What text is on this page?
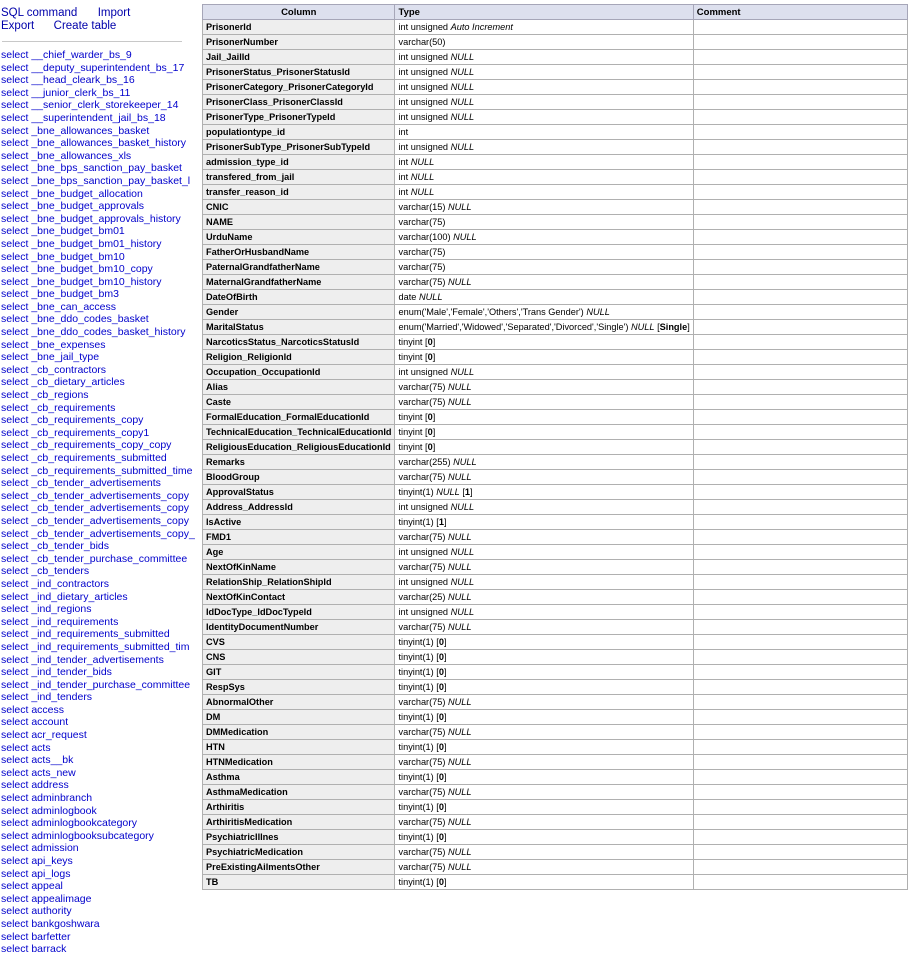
SQL command Import
Export Create table
select __chief_warder_bs_9
select __deputy_superintendent_bs_17
select __head_cleark_bs_16
select __junior_clerk_bs_11
select __senior_clerk_storekeeper_14
select __superintendent_jail_bs_18
select _bne_allowances_basket
select _bne_allowances_basket_history
select _bne_allowances_xls
select _bne_bps_sanction_pay_basket
select _bne_bps_sanction_pay_basket_l
select _bne_budget_allocation
select _bne_budget_approvals
select _bne_budget_approvals_history
select _bne_budget_bm01
select _bne_budget_bm01_history
select _bne_budget_bm10
select _bne_budget_bm10_copy
select _bne_budget_bm10_history
select _bne_budget_bm3
select _bne_can_access
select _bne_ddo_codes_basket
select _bne_ddo_codes_basket_history
select _bne_expenses
select _bne_jail_type
select _cb_contractors
select _cb_dietary_articles
select _cb_regions
select _cb_requirements
select _cb_requirements_copy
select _cb_requirements_copy1
select _cb_requirements_copy_copy
select _cb_requirements_submitted
select _cb_requirements_submitted_time
select _cb_tender_advertisements
select _cb_tender_advertisements_copy
select _cb_tender_advertisements_copy
select _cb_tender_advertisements_copy
select _cb_tender_advertisements_copy_
select _cb_tender_bids
select _cb_tender_purchase_committee
select _cb_tenders
select _ind_contractors
select _ind_dietary_articles
select _ind_regions
select _ind_requirements
select _ind_requirements_submitted
select _ind_requirements_submitted_tim
select _ind_tender_advertisements
select _ind_tender_bids
select _ind_tender_purchase_committee
select _ind_tenders
select access
select account
select acr_request
select acts
select acts__bk
select acts_new
select address
select adminbranch
select adminlogbook
select adminlogbookcategory
select adminlogbooksubcategory
select admission
select api_keys
select api_logs
select appeal
select appealimage
select authority
select bankgoshwara
select barfetter
select barrack
Column	Type	Comment
PrisonerId	int unsigned Auto Increment	
PrisonerNumber	varchar(50)	
Jail_JailId	int unsigned NULL	
PrisonerStatus_PrisonerStatusId	int unsigned NULL	
PrisonerCategory_PrisonerCategoryId	int unsigned NULL	
PrisonerClass_PrisonerClassId	int unsigned NULL	
PrisonerType_PrisonerTypeId	int unsigned NULL	
populationtype_id	int	
PrisonerSubType_PrisonerSubTypeId	int unsigned NULL	
admission_type_id	int NULL	
transfered_from_jail	int NULL	
transfer_reason_id	int NULL	
CNIC	varchar(15) NULL	
NAME	varchar(75)	
UrduName	varchar(100) NULL	
FatherOrHusbandName	varchar(75)	
PaternalGrandfatherName	varchar(75)	
MaternalGrandfatherName	varchar(75) NULL	
DateOfBirth	date NULL	
Gender	enum('Male','Female','Others','Trans Gender') NULL	
MaritalStatus	enum('Married','Widowed','Separated','Divorced','Single') NULL [Single]	
NarcoticsStatus_NarcoticsStatusId	tinyint [0]	
Religion_ReligionId	tinyint [0]	
Occupation_OccupationId	int unsigned NULL	
Alias	varchar(75) NULL	
Caste	varchar(75) NULL	
FormalEducation_FormalEducationId	tinyint [0]	
TechnicalEducation_TechnicalEducationId	tinyint [0]	
ReligiousEducation_ReligiousEducationId	tinyint [0]	
Remarks	varchar(255) NULL	
BloodGroup	varchar(75) NULL	
ApprovalStatus	tinyint(1) NULL [1]	
Address_AddressId	int unsigned NULL	
IsActive	tinyint(1) [1]	
FMD1	varchar(75) NULL	
Age	int unsigned NULL	
NextOfKinName	varchar(75) NULL	
RelationShip_RelationShipId	int unsigned NULL	
NextOfKinContact	varchar(25) NULL	
IdDocType_IdDocTypeId	int unsigned NULL	
IdentityDocumentNumber	varchar(75) NULL	
CVS	tinyint(1) [0]	
CNS	tinyint(1) [0]	
GIT	tinyint(1) [0]	
RespSys	tinyint(1) [0]	
AbnormalOther	varchar(75) NULL	
DM	tinyint(1) [0]	
DMMedication	varchar(75) NULL	
HTN	tinyint(1) [0]	
HTNMedication	varchar(75) NULL	
Asthma	tinyint(1) [0]	
AsthmaMedication	varchar(75) NULL	
Arthiritis	tinyint(1) [0]	
ArthiritisMedication	varchar(75) NULL	
PsychiatricIllnes	tinyint(1) [0]	
PsychiatricMedication	varchar(75) NULL	
PreExistingAilmentsOther	varchar(75) NULL	
TB	tinyint(1) [0]	
